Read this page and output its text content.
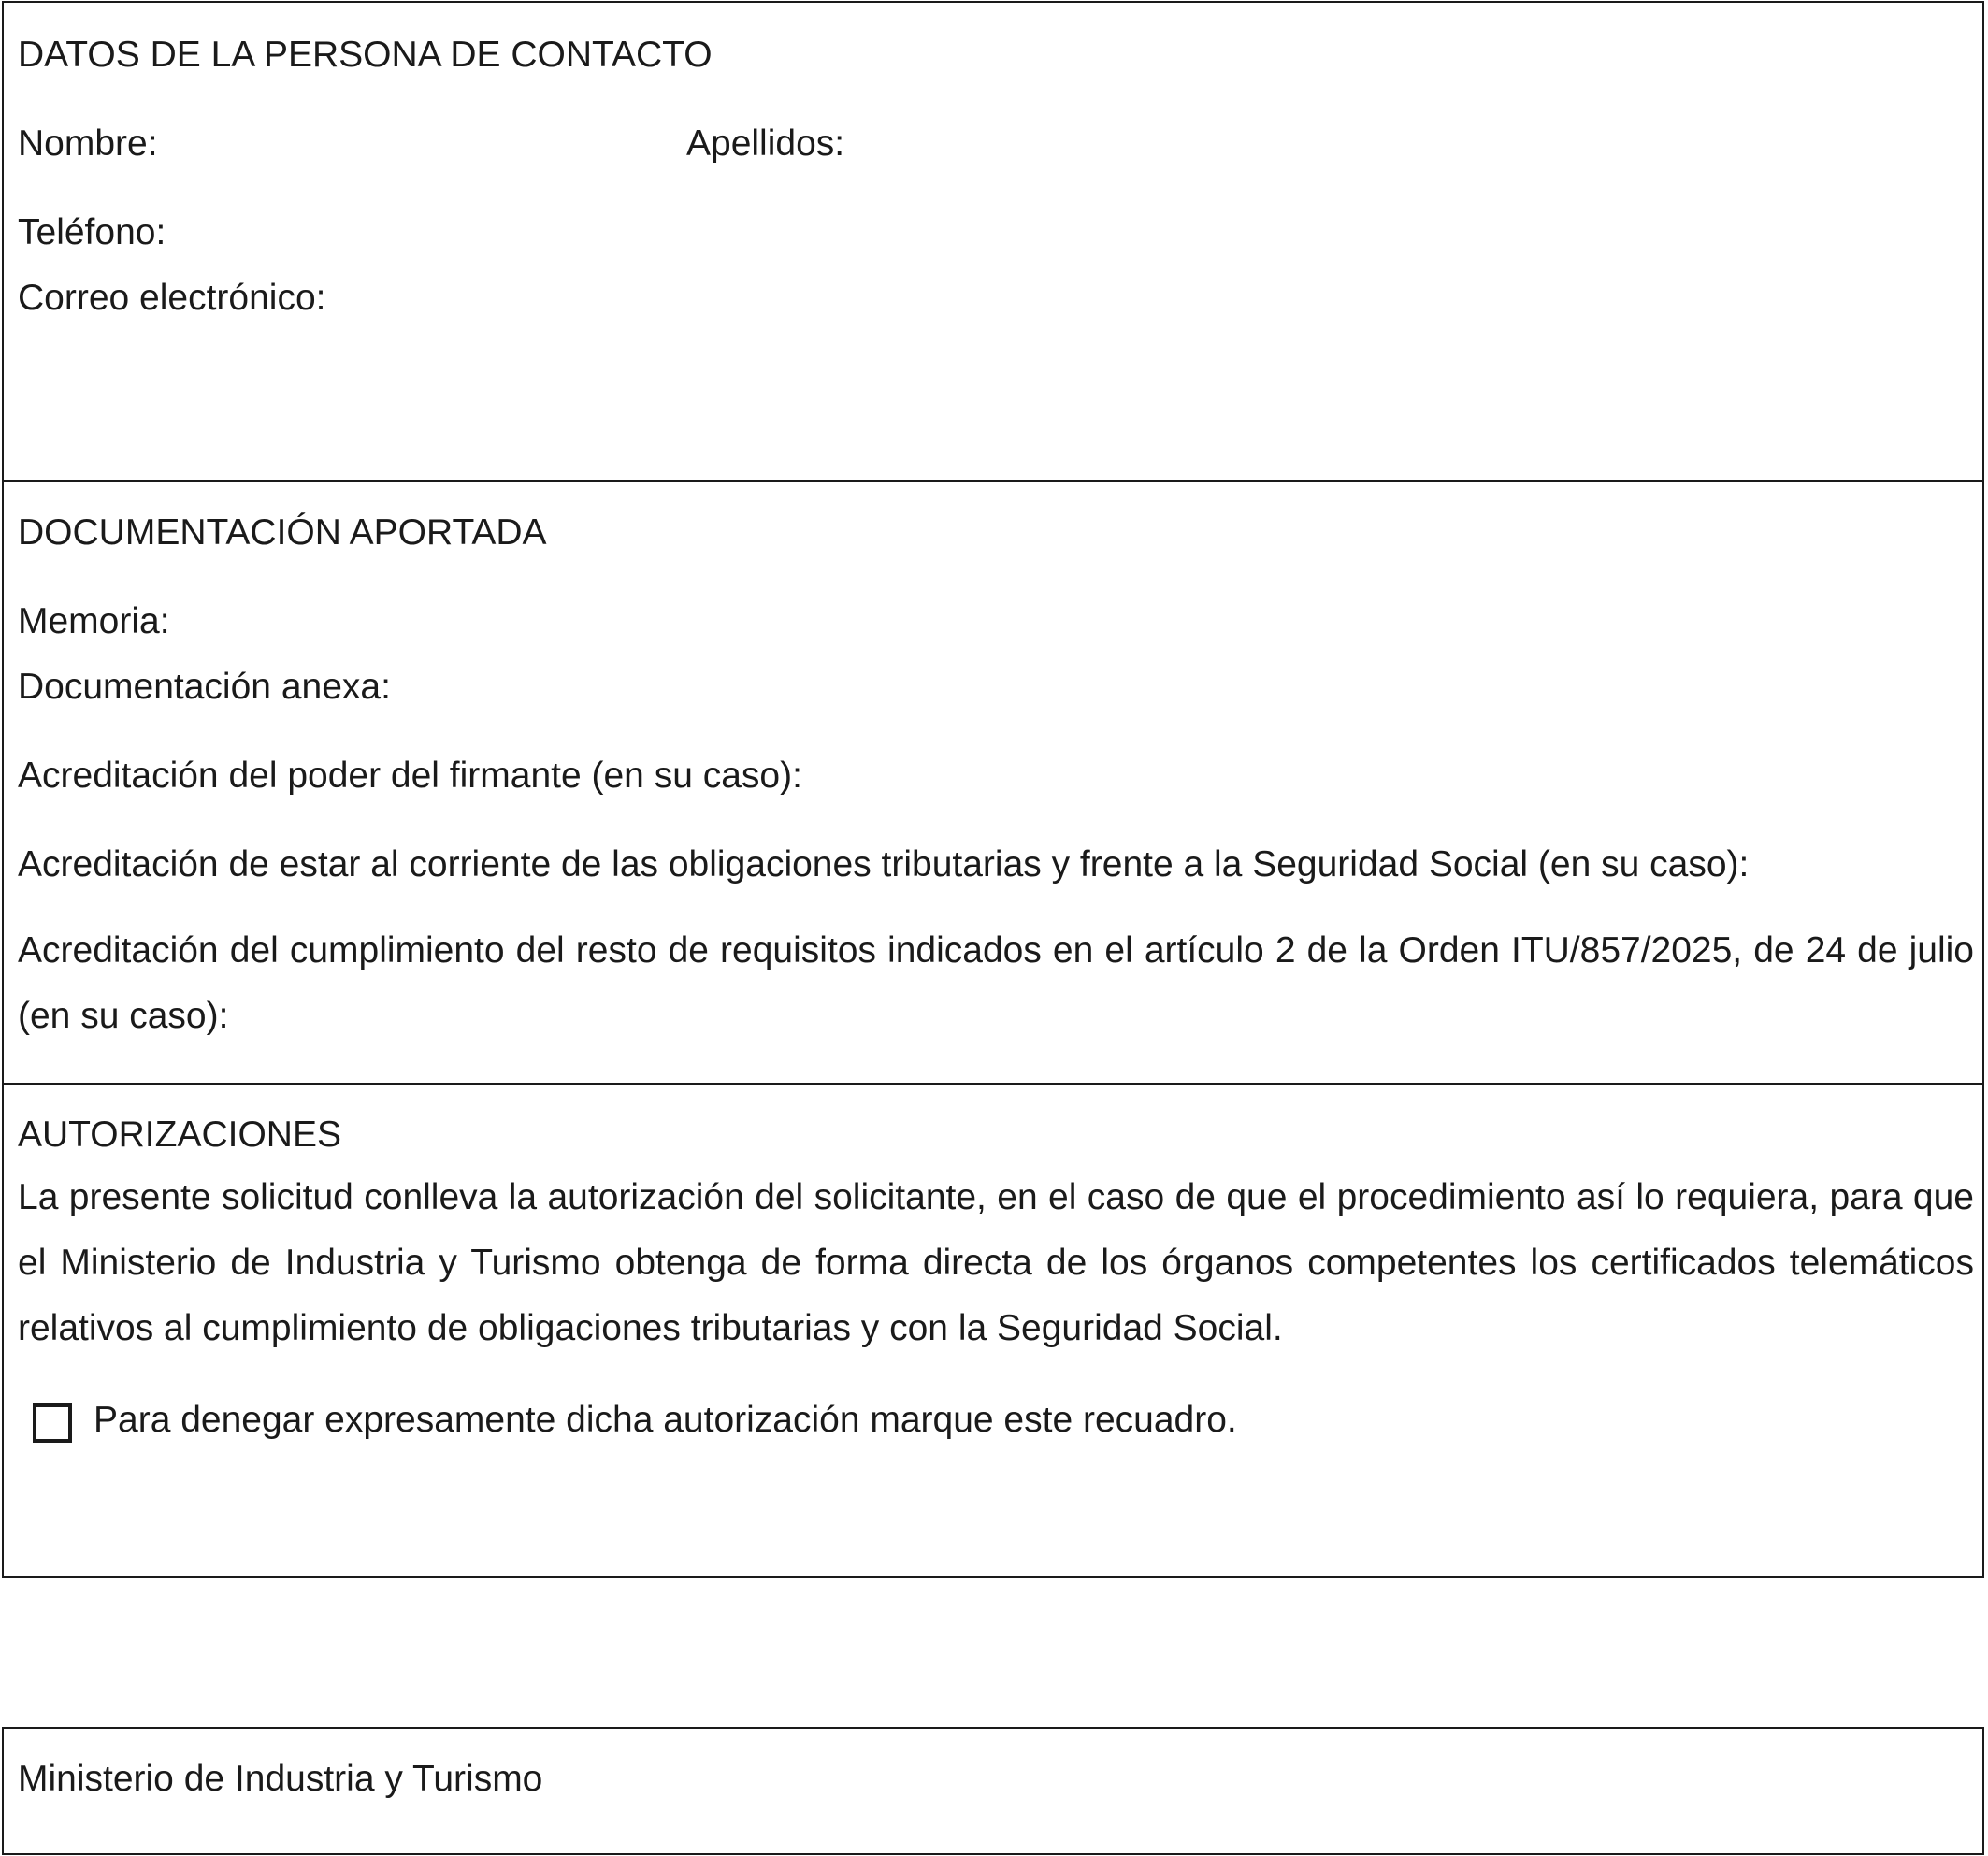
DATOS DE LA PERSONA DE CONTACTO
Nombre:	Apellidos:
Teléfono:
Correo electrónico:
DOCUMENTACIÓN APORTADA
Memoria:
Documentación anexa:
Acreditación del poder del firmante (en su caso):
Acreditación de estar al corriente de las obligaciones tributarias y frente a la Seguridad Social (en su caso):
Acreditación del cumplimiento del resto de requisitos indicados en el artículo 2 de la Orden ITU/857/2025, de 24 de julio (en su caso):
AUTORIZACIONES
La presente solicitud conlleva la autorización del solicitante, en el caso de que el procedimiento así lo requiera, para que el Ministerio de Industria y Turismo obtenga de forma directa de los órganos competentes los certificados telemáticos relativos al cumplimiento de obligaciones tributarias y con la Seguridad Social.
Para denegar expresamente dicha autorización marque este recuadro.
Ministerio de Industria y Turismo
